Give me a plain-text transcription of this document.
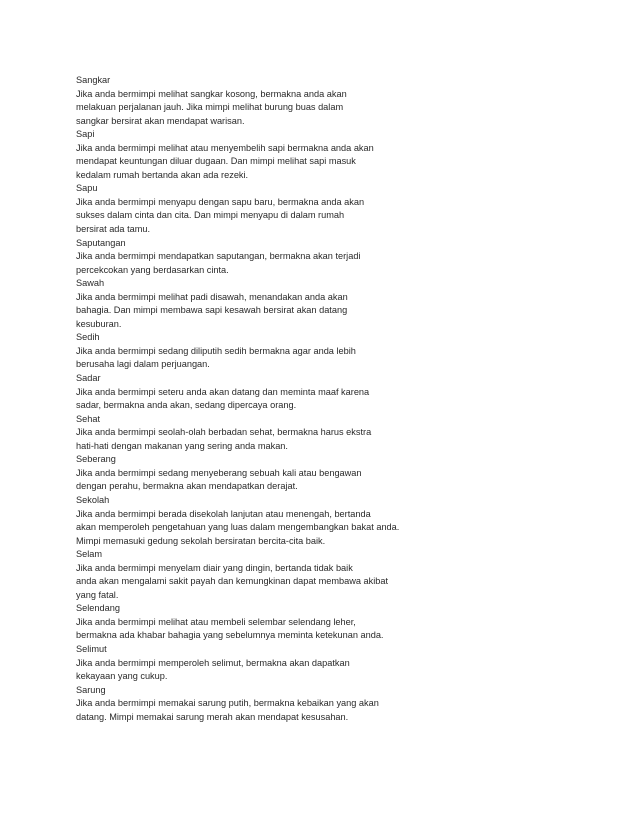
Sangkar
Jika anda bermimpi melihat sangkar kosong, bermakna anda akan
melakuan perjalanan jauh. Jika mimpi melihat burung buas dalam
sangkar bersirat akan mendapat warisan.
Sapi
Jika anda bermimpi melihat atau menyembelih sapi bermakna anda akan
mendapat keuntungan diluar dugaan. Dan mimpi melihat sapi masuk
kedalam rumah bertanda akan ada rezeki.
Sapu
Jika anda bermimpi menyapu dengan sapu baru, bermakna anda akan
sukses dalam cinta dan cita. Dan mimpi menyapu di dalam rumah
bersirat ada tamu.
Saputangan
Jika anda bermimpi mendapatkan saputangan, bermakna akan terjadi
percekcokan yang berdasarkan cinta.
Sawah
Jika anda bermimpi melihat padi disawah, menandakan anda akan
bahagia. Dan mimpi membawa sapi kesawah bersirat akan datang
kesuburan.
Sedih
Jika anda bermimpi sedang diliputih sedih bermakna agar anda lebih
berusaha lagi dalam perjuangan.
Sadar
Jika anda bermimpi seteru anda akan datang dan meminta maaf karena
sadar, bermakna anda akan, sedang dipercaya orang.
Sehat
Jika anda bermimpi seolah-olah berbadan sehat, bermakna harus ekstra
hati-hati dengan makanan yang sering anda makan.
Seberang
Jika anda bermimpi sedang menyeberang sebuah kali atau bengawan
dengan perahu, bermakna akan mendapatkan derajat.
Sekolah
Jika anda bermimpi berada disekolah lanjutan atau menengah, bertanda
akan memperoleh pengetahuan yang luas dalam mengembangkan bakat anda.
Mimpi memasuki gedung sekolah bersiratan bercita-cita baik.
Selam
Jika anda bermimpi menyelam diair yang dingin, bertanda tidak baik
anda akan mengalami sakit payah dan kemungkinan dapat membawa akibat
yang fatal.
Selendang
Jika anda bermimpi melihat atau membeli selembar selendang leher,
bermakna ada khabar bahagia yang sebelumnya meminta ketekunan anda.
Selimut
Jika anda bermimpi memperoleh selimut, bermakna akan dapatkan
kekayaan yang cukup.
Sarung
Jika anda bermimpi memakai sarung putih, bermakna kebaikan yang akan
datang. Mimpi memakai sarung merah akan mendapat kesusahan.
